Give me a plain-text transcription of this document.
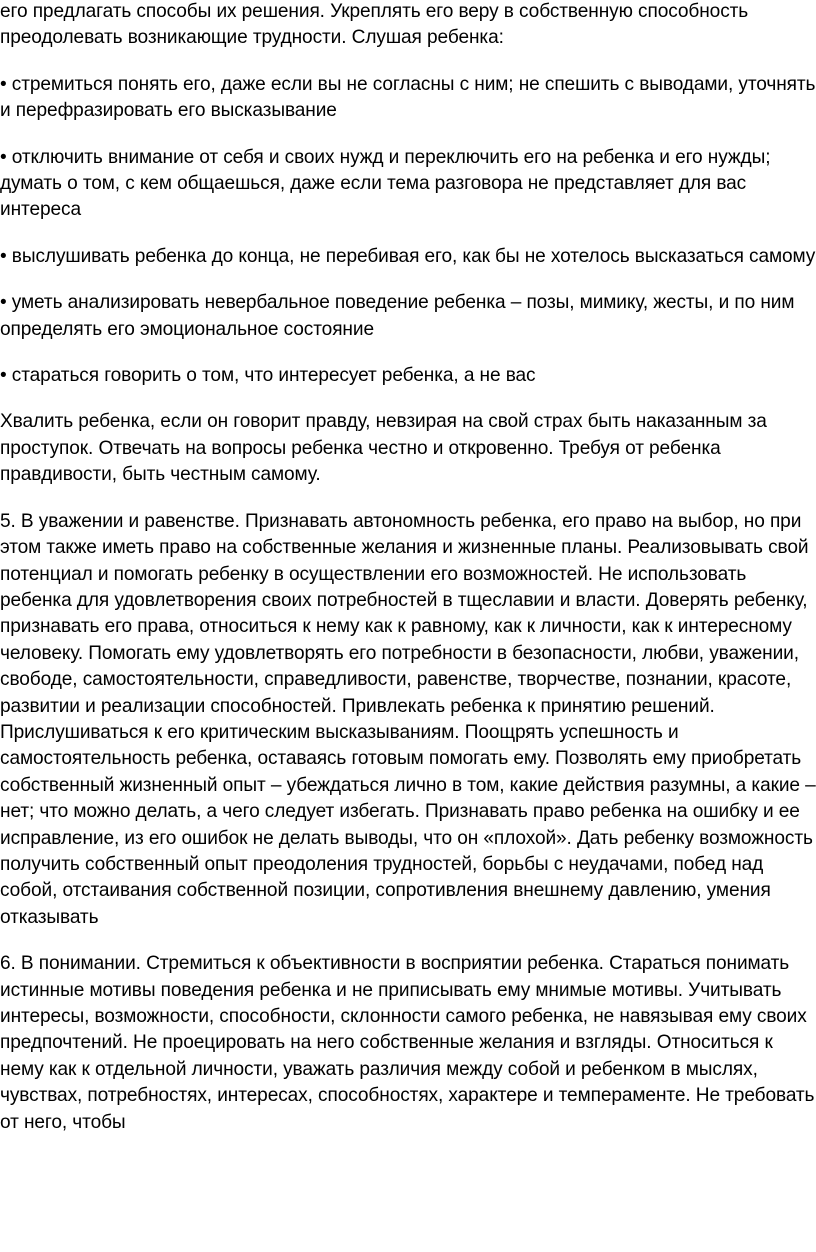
его предлагать способы их решения. Укреплять его веру в собственную способность преодолевать возникающие трудности. Слушая ребенка:

• стремиться понять его, даже если вы не согласны с ним; не спешить с выводами, уточнять и перефразировать его высказывание

• отключить внимание от себя и своих нужд и переключить его на ребенка и его нужды; думать о том, с кем общаешься, даже если тема разговора не представляет для вас интереса

• выслушивать ребенка до конца, не перебивая его, как бы не хотелось высказаться самому

• уметь анализировать невербальное поведение ребенка – позы, мимику, жесты, и по ним определять его эмоциональное состояние

• стараться говорить о том, что интересует ребенка, а не вас

Хвалить ребенка, если он говорит правду, невзирая на свой страх быть наказанным за проступок. Отвечать на вопросы ребенка честно и откровенно. Требуя от ребенка правдивости, быть честным самому.

5. В уважении и равенстве. Признавать автономность ребенка, его право на выбор, но при этом также иметь право на собственные желания и жизненные планы. Реализовывать свой потенциал и помогать ребенку в осуществлении его возможностей. Не использовать ребенка для удовлетворения своих потребностей в тщеславии и власти. Доверять ребенку, признавать его права, относиться к нему как к равному, как к личности, как к интересному человеку. Помогать ему удовлетворять его потребности в безопасности, любви, уважении, свободе, самостоятельности, справедливости, равенстве, творчестве, познании, красоте, развитии и реализации способностей. Привлекать ребенка к принятию решений. Прислушиваться к его критическим высказываниям. Поощрять успешность и самостоятельность ребенка, оставаясь готовым помогать ему. Позволять ему приобретать собственный жизненный опыт – убеждаться лично в том, какие действия разумны, а какие – нет; что можно делать, а чего следует избегать. Признавать право ребенка на ошибку и ее исправление, из его ошибок не делать выводы, что он «плохой». Дать ребенку возможность получить собственный опыт преодоления трудностей, борьбы с неудачами, побед над собой, отстаивания собственной позиции, сопротивления внешнему давлению, умения отказывать

6. В понимании. Стремиться к объективности в восприятии ребенка. Стараться понимать истинные мотивы поведения ребенка и не приписывать ему мнимые мотивы. Учитывать интересы, возможности, способности, склонности самого ребенка, не навязывая ему своих предпочтений. Не проецировать на него собственные желания и взгляды. Относиться к нему как к отдельной личности, уважать различия между собой и ребенком в мыслях, чувствах, потребностях, интересах, способностях, характере и темпераменте. Не требовать от него, чтобы
